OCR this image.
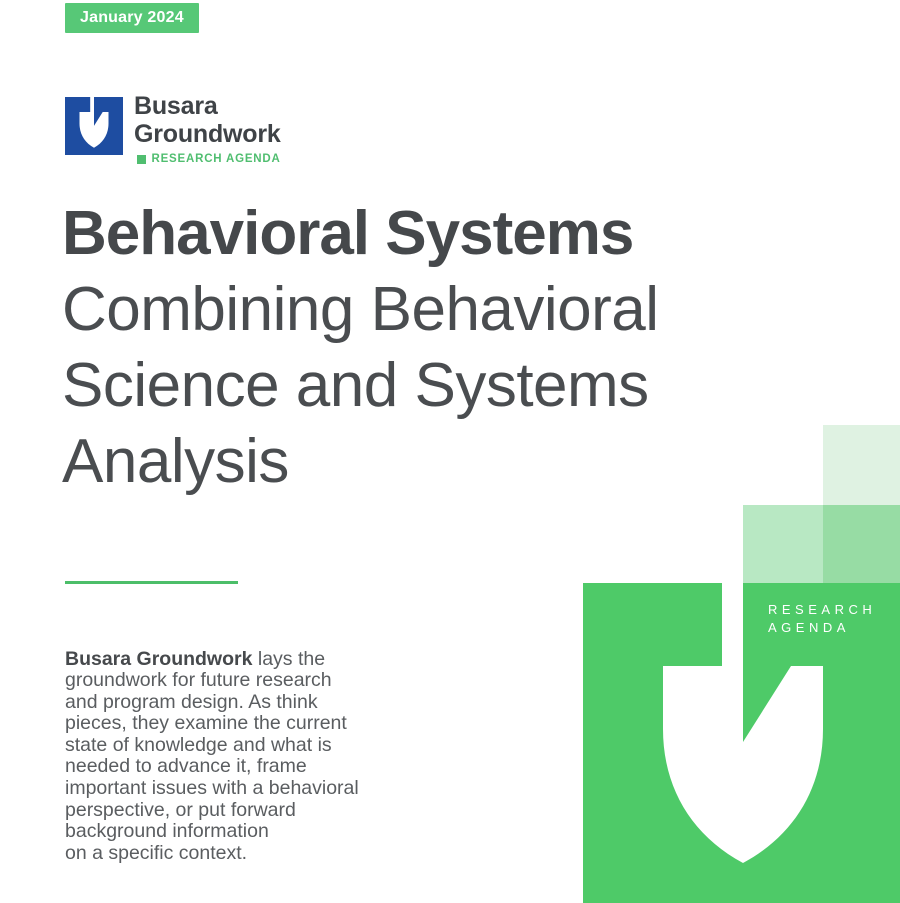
January 2024
Busara
Groundwork
RESEARCH AGENDA
Behavioral Systems
Combining Behavioral
Science and Systems
Analysis

Busara Groundwork lays the
groundwork for future research
and program design. As think
pieces, they examine the current
state of knowledge and what is
needed to advance it, frame
important issues with a behavioral
perspective, or put forward
background information
on a specific context.

RESEARCH
AGENDA
